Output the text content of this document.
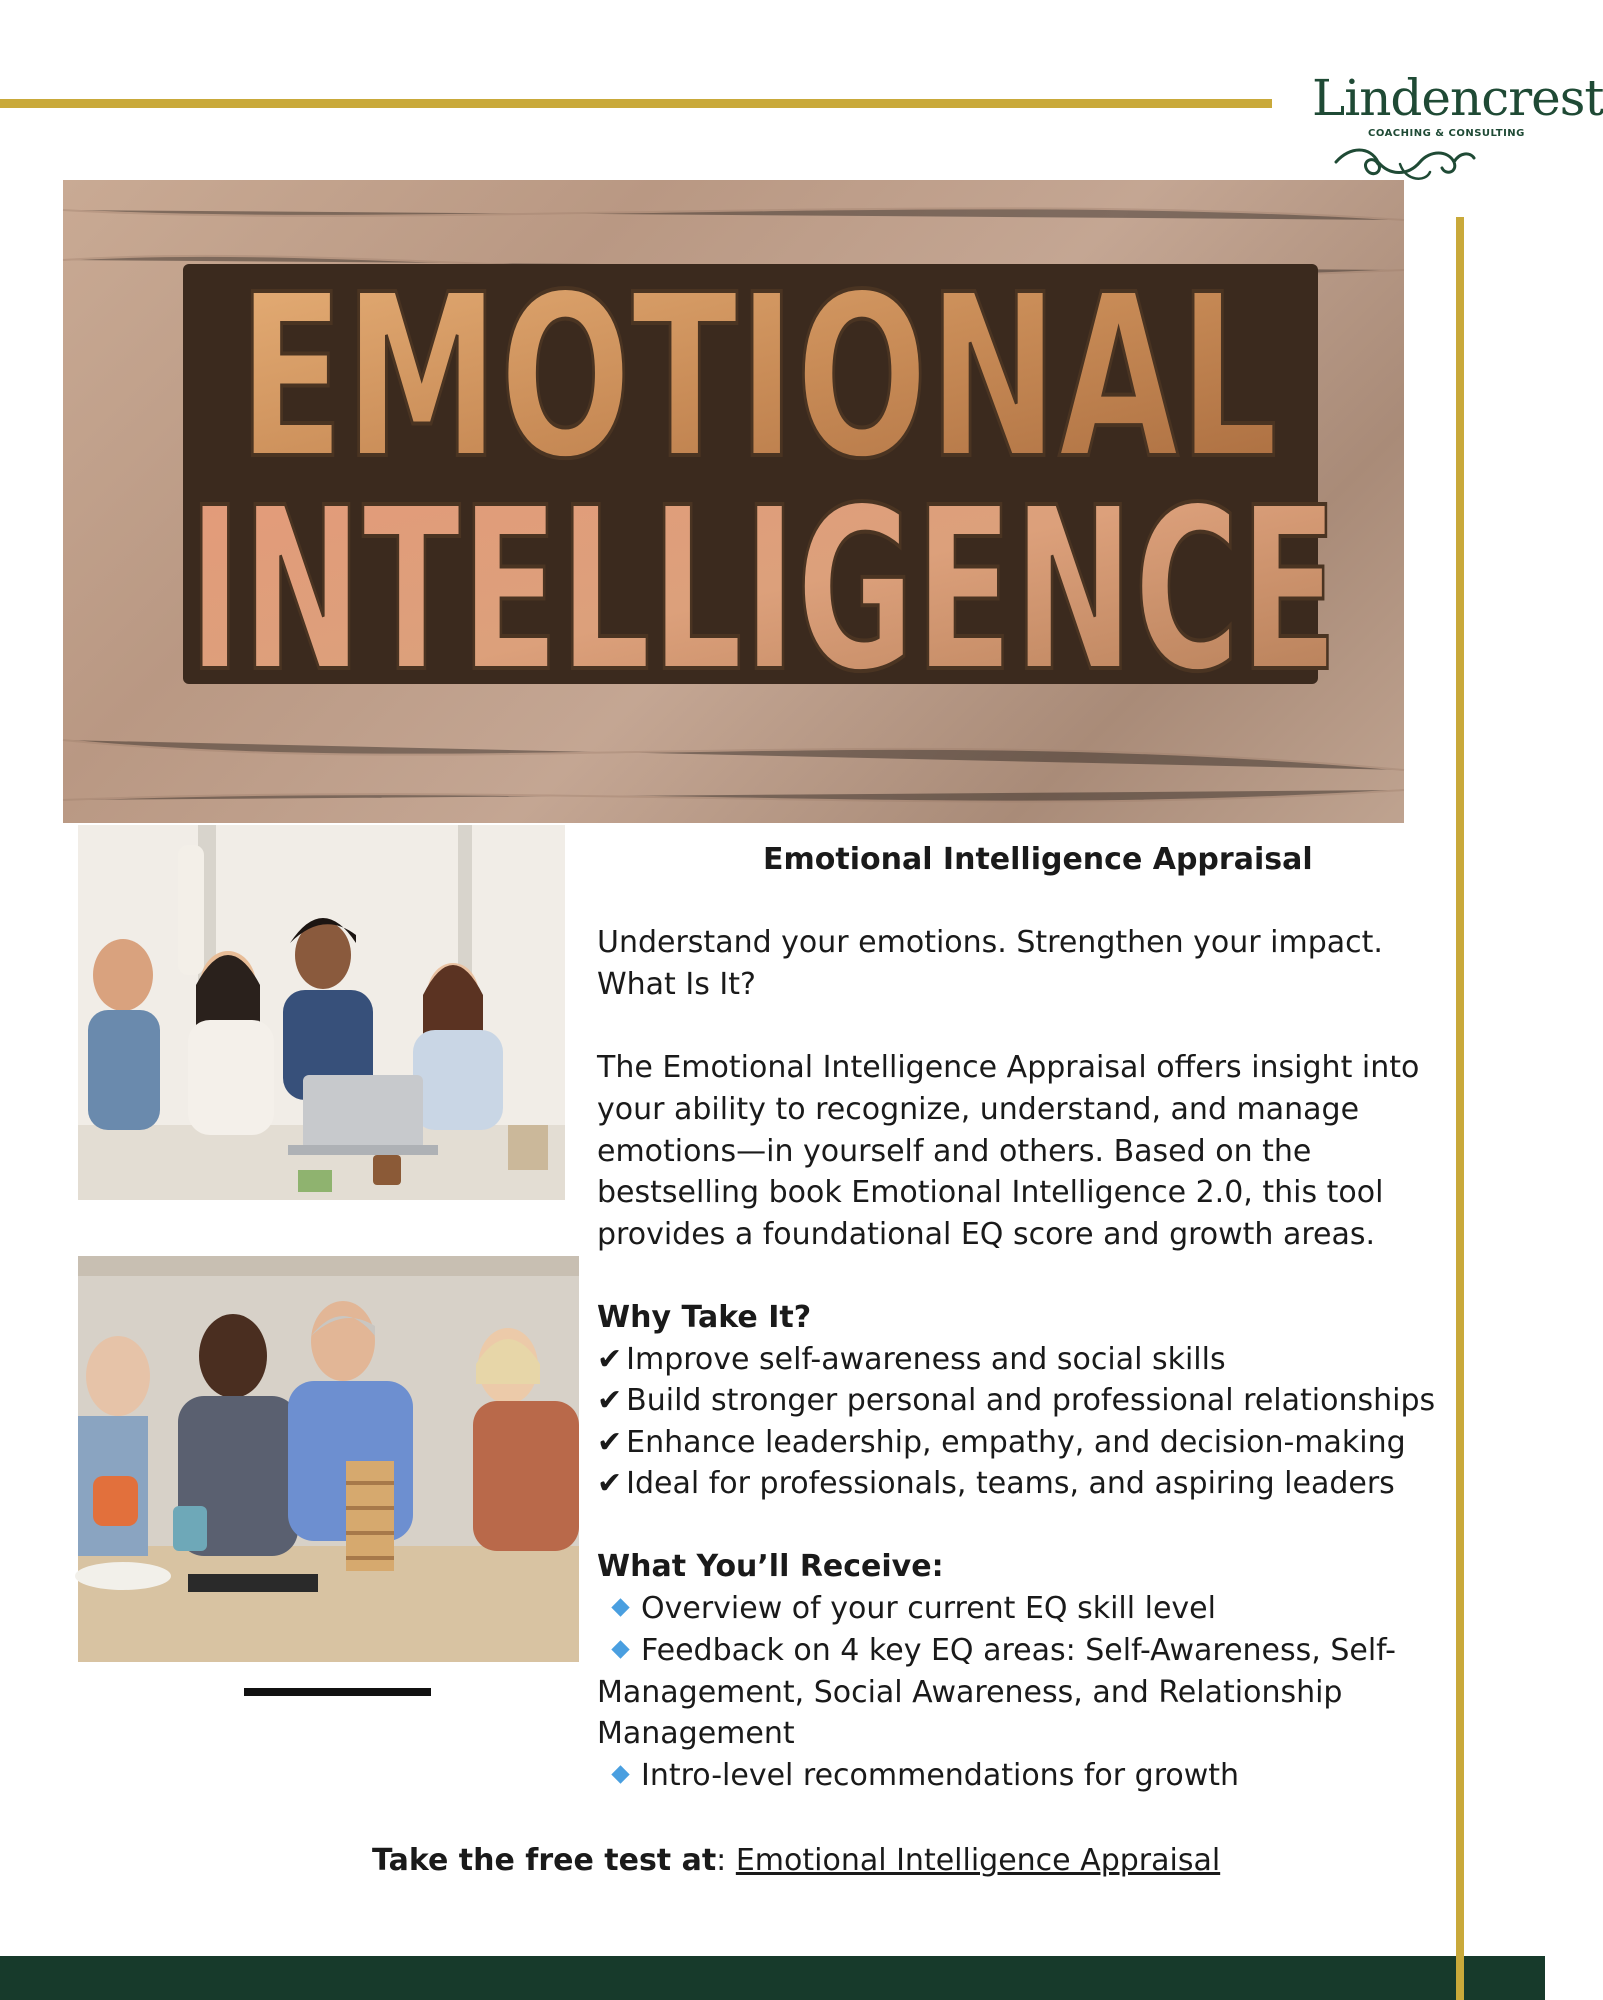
Lindencrest
COACHING & CONSULTING
EMOTIONAL
INTELLIGENCE
Emotional Intelligence Appraisal
Understand your emotions. Strengthen your impact.
What Is It?
The Emotional Intelligence Appraisal offers insight into
your ability to recognize, understand, and manage
emotions—in yourself and others. Based on the
bestselling book Emotional Intelligence 2.0, this tool
provides a foundational EQ score and growth areas.
Why Take It?
✔ Improve self-awareness and social skills
✔ Build stronger personal and professional relationships
✔ Enhance leadership, empathy, and decision-making
✔ Ideal for professionals, teams, and aspiring leaders
What You’ll Receive:
Overview of your current EQ skill level
Feedback on 4 key EQ areas: Self-Awareness, Self-
Management, Social Awareness, and Relationship
Management
Intro-level recommendations for growth
Take the free test at: Emotional Intelligence Appraisal
